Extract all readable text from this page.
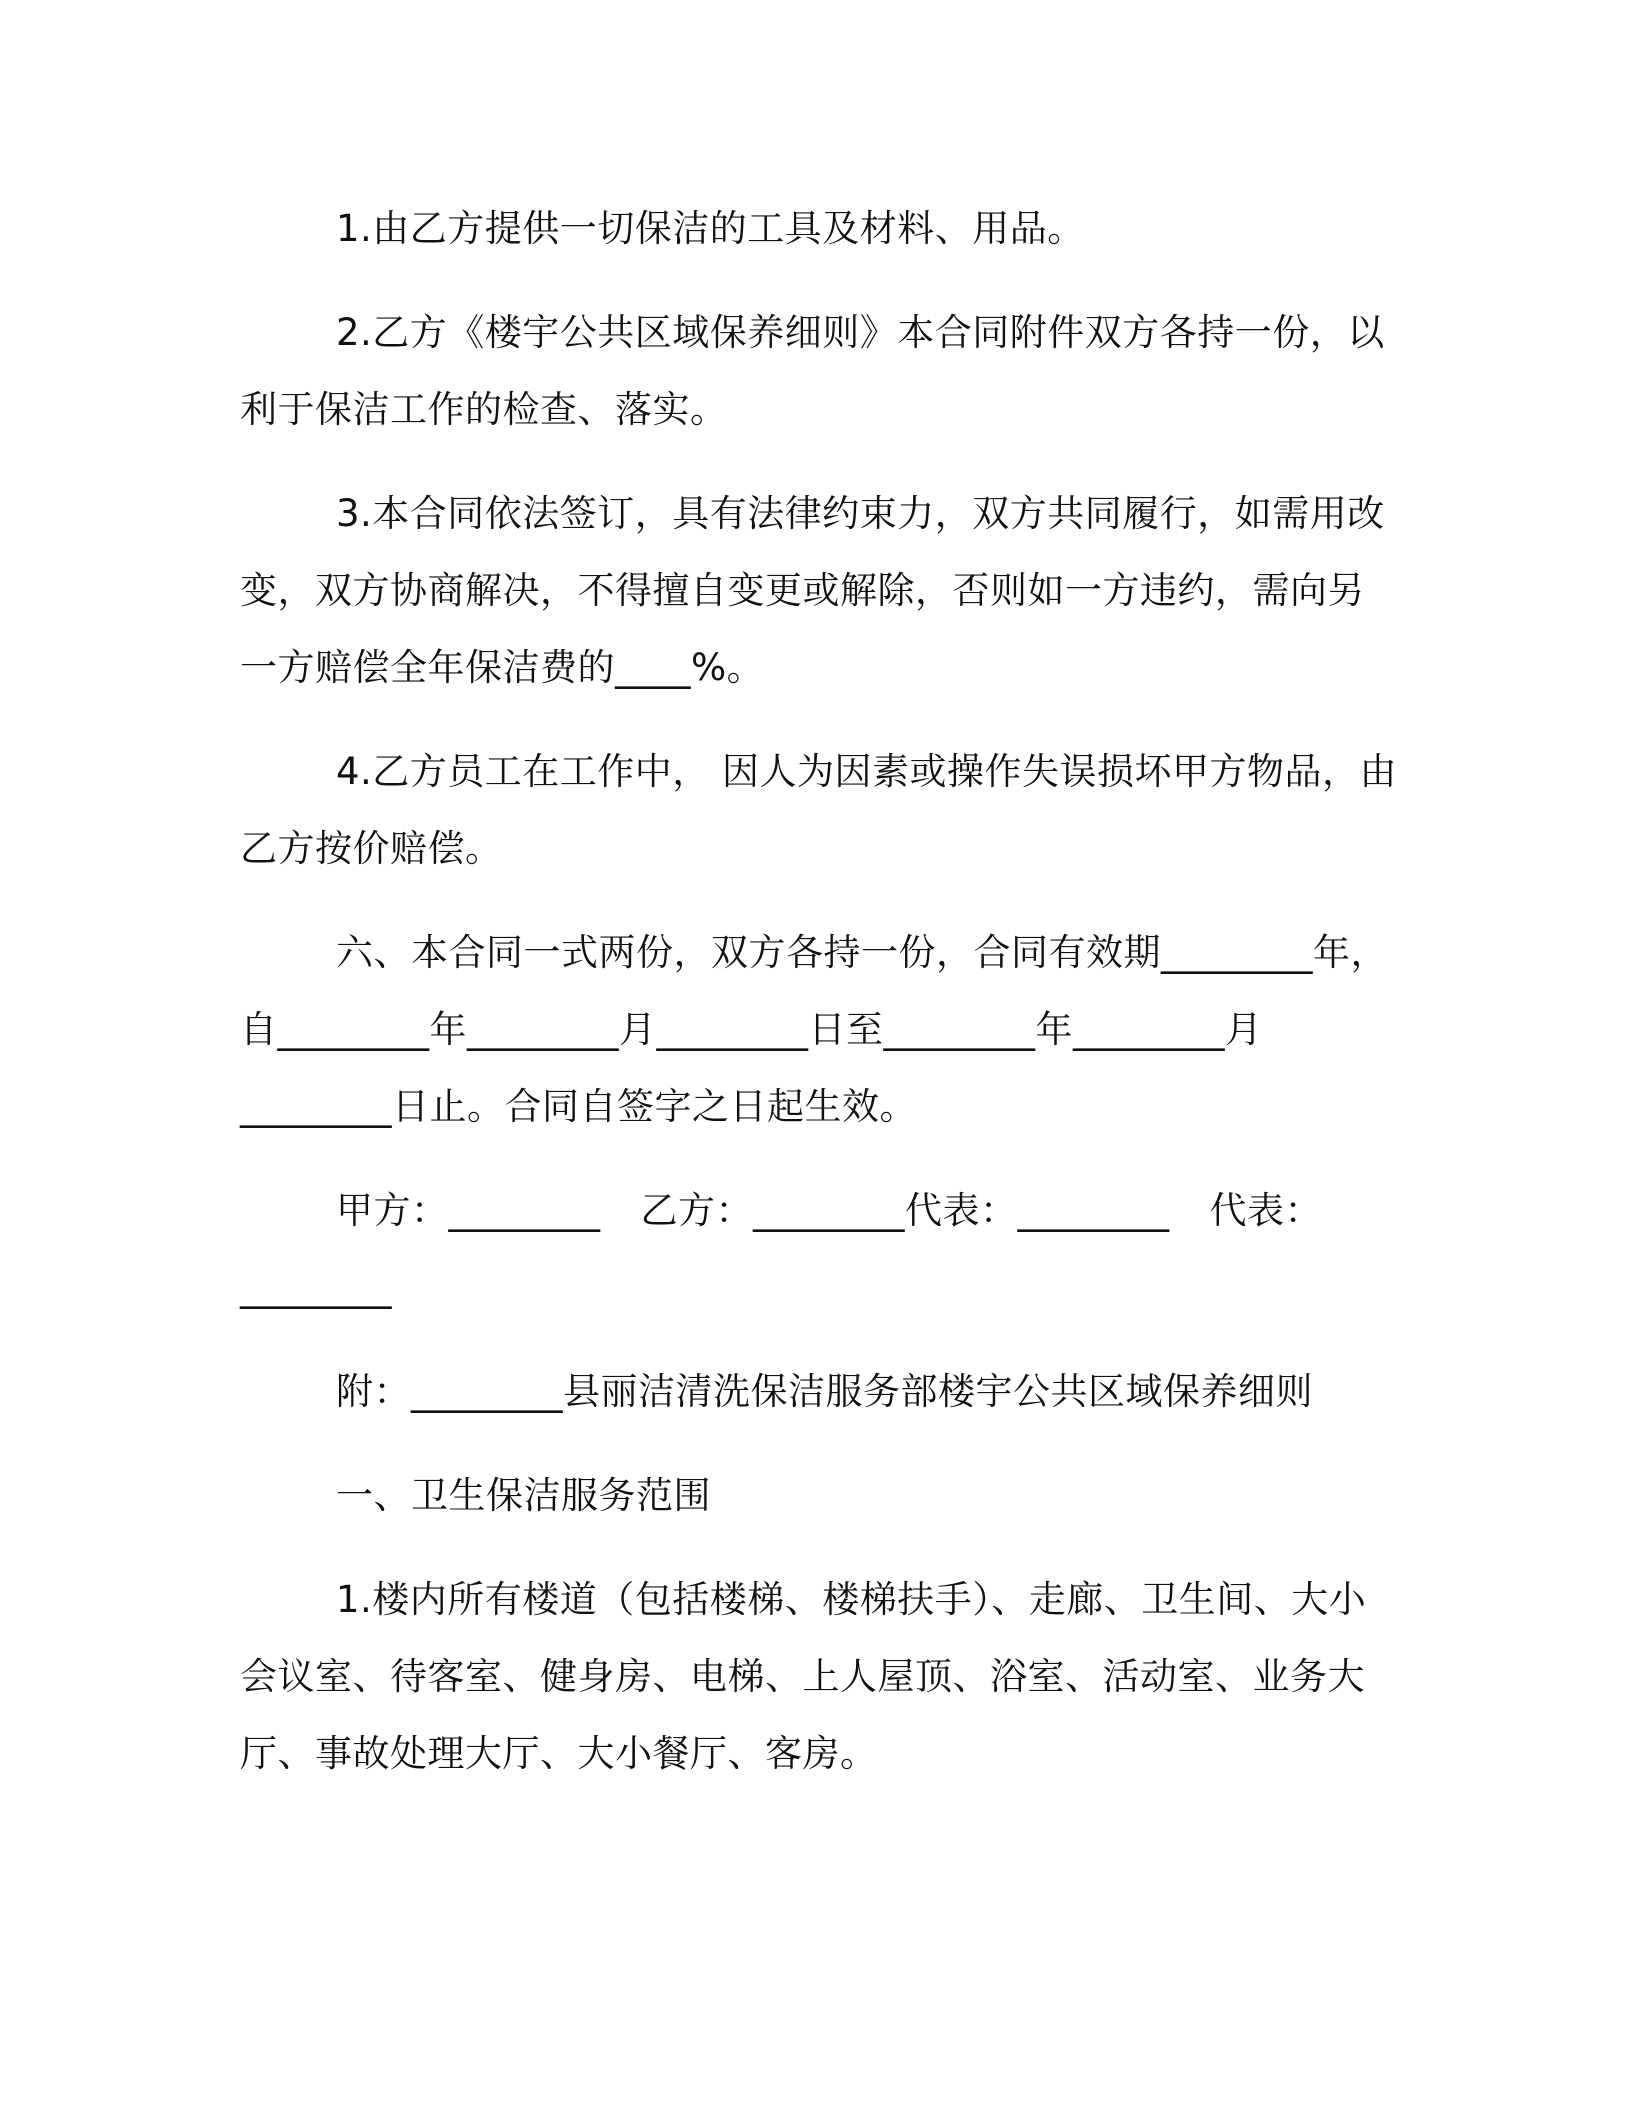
1.由乙方提供一切保洁的工具及材料、用品。
2.乙方《楼宇公共区域保养细则》本合同附件双方各持一份，以
利于保洁工作的检查、落实。
3.本合同依法签订，具有法律约束力，双方共同履行，如需用改
变，双方协商解决，不得擅自变更或解除，否则如一方违约，需向另
一方赔偿全年保洁费的____%。
4.乙方员工在工作中， 因人为因素或操作失误损坏甲方物品，由
乙方按价赔偿。
六、本合同一式两份，双方各持一份，合同有效期________年，
自________年________月________日至________年________月
________日止。合同自签字之日起生效。
甲方：________ 乙方：________代表：________ 代表：
________
附：________县丽洁清洗保洁服务部楼宇公共区域保养细则
一、卫生保洁服务范围
1.楼内所有楼道（包括楼梯、楼梯扶手）、走廊、卫生间、大小
会议室、待客室、健身房、电梯、上人屋顶、浴室、活动室、业务大
厅、事故处理大厅、大小餐厅、客房。
